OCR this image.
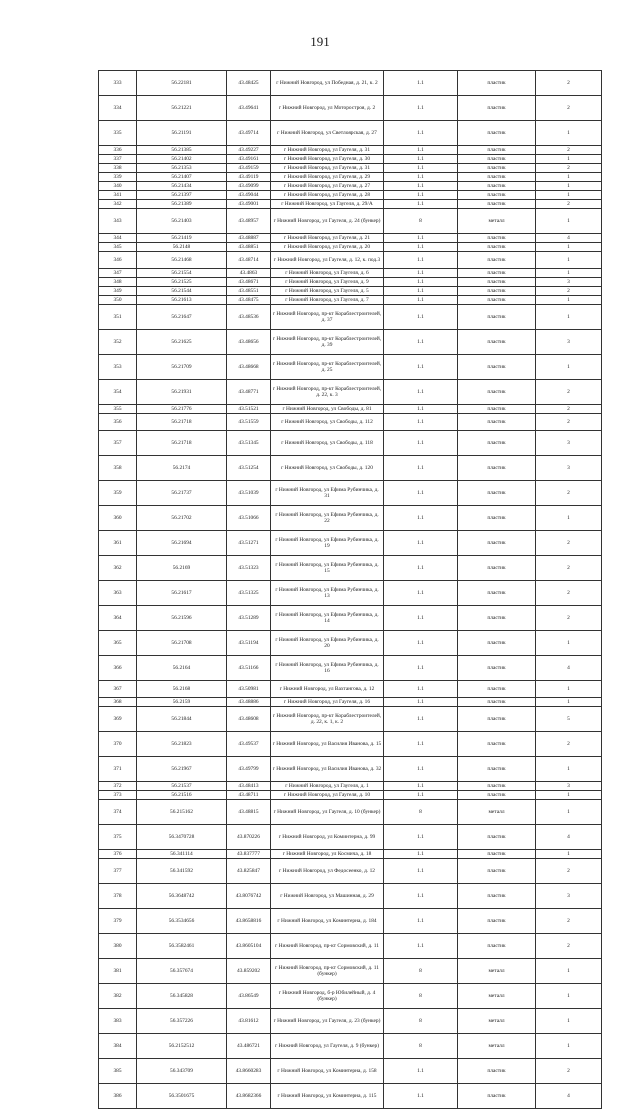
191
333	56.22181	43.48425	г Нижний Новгород, ул Победная, д. 21, к. 2	1.1	пластик	2
334	56.21221	43.49641	г Нижний Новгород, ул Моторостроя, д. 2	1.1	пластик	2
335	56.21191	43.49714	г Нижний Новгород, ул Светлоярская, д. 27	1.1	пластик	1
336	56.21385	43.49227	г Нижний Новгород, ул Гаугеля, д. 31	1.1	пластик	2
337	56.21402	43.49161	г Нижний Новгород, ул Гаугеля, д. 30	1.1	пластик	1
338	56.21353	43.49159	г Нижний Новгород, ул Гаугеля, д. 31	1.1	пластик	2
339	56.21407	43.49119	г Нижний Новгород, ул Гаугеля, д. 29	1.1	пластик	1
340	56.21434	43.49099	г Нижний Новгород, ул Гаугеля, д. 27	1.1	пластик	1
341	56.21397	43.49044	г Нижний Новгород, ул Гаугеля, д. 28	1.1	пластик	1
342	56.21389	43.49001	г Нижний Новгород, ул Гаугеля, д. 29/А	1.1	пластик	2
343	56.21403	43.48957	г Нижний Новгород, ул Гаугеля, д. 24 (бункер)	8	металл	1
344	56.21419	43.48887	г Нижний Новгород, ул Гаугеля, д. 21	1.1	пластик	4
345	56.2148	43.48851	г Нижний Новгород, ул Гаугеля, д. 20	1.1	пластик	1
346	56.21468	43.48714	г Нижний Новгород, ул Гаугеля, д. 12, к. под.3	1.1	пластик	1
347	56.21554	43.4863	г Нижний Новгород, ул Гаугеля, д. 6	1.1	пластик	1
348	56.21525	43.48671	г Нижний Новгород, ул Гаугеля, д. 9	1.1	пластик	3
349	56.21544	43.48551	г Нижний Новгород, ул Гаугеля, д. 5	1.1	пластик	2
350	56.21613	43.48475	г Нижний Новгород, ул Гаугеля, д. 7	1.1	пластик	1
351	56.21647	43.48536	г Нижний Новгород, пр-кт Кораблестроителей, д. 37	1.1	пластик	1
352	56.21625	43.48656	г Нижний Новгород, пр-кт Кораблестроителей, д. 39	1.1	пластик	3
353	56.21709	43.48668	г Нижний Новгород, пр-кт Кораблестроителей, д. 25	1.1	пластик	1
354	56.21931	43.48771	г Нижний Новгород, пр-кт Кораблестроителей, д. 22, к. 3	1.1	пластик	2
355	56.21776	43.51521	г Нижний Новгород, ул Свободы, д. 81	1.1	пластик	2
356	56.21718	43.51559	г Нижний Новгород, ул Свободы, д. 112	1.1	пластик	2
357	56.21718	43.51345	г Нижний Новгород, ул Свободы, д. 118	1.1	пластик	3
358	56.2174	43.51254	г Нижний Новгород, ул Свободы, д. 120	1.1	пластик	3
359	56.21737	43.51039	г Нижний Новгород, ул Ефима Рубинчика, д. 31	1.1	пластик	2
360	56.21702	43.51066	г Нижний Новгород, ул Ефима Рубинчика, д. 22	1.1	пластик	1
361	56.21694	43.51271	г Нижний Новгород, ул Ефима Рубинчика, д. 19	1.1	пластик	2
362	56.2169	43.51323	г Нижний Новгород, ул Ефима Рубинчика, д. 15	1.1	пластик	2
363	56.21617	43.51325	г Нижний Новгород, ул Ефима Рубинчика, д. 13	1.1	пластик	2
364	56.21596	43.51289	г Нижний Новгород, ул Ефима Рубинчика, д. 14	1.1	пластик	2
365	56.21708	43.51194	г Нижний Новгород, ул Ефима Рубинчика, д. 20	1.1	пластик	1
366	56.2164	43.51166	г Нижний Новгород, ул Ефима Рубинчика, д. 16	1.1	пластик	4
367	56.2168	43.50981	г Нижний Новгород, ул Вахтангова, д. 12	1.1	пластик	1
368	56.2159	43.48886	г Нижний Новгород, ул Гаугеля, д. 16	1.1	пластик	1
369	56.21844	43.48608	г Нижний Новгород, пр-кт Кораблестроителей, д. 22, к. 1, к. 2	1.1	пластик	5
370	56.21823	43.49537	г Нижний Новгород, ул Василия Иванова, д. 15	1.1	пластик	2
371	56.21967	43.49799	г Нижний Новгород, ул Василия Иванова, д. 32	1.1	пластик	1
372	56.21537	43.48413	г Нижний Новгород, ул Гаугеля, д. 1	1.1	пластик	3
373	56.21516	43.48711	г Нижний Новгород, ул Гаугеля, д. 10	1.1	пластик	1
374	56.215162	43.48815	г Нижний Новгород, ул Гаугеля, д. 10 (бункер)	8	металл	1
375	56.3470728	43.870226	г Нижний Новгород, ул Коминтерна, д. 99	1.1	пластик	4
376	56.341114	43.837777	г Нижний Новгород, ул Космича, д. 18	1.1	пластик	1
377	56.341592	43.825847	г Нижний Новгород, ул Федосеенко, д. 12	1.1	пластик	2
378	56.3648742	43.8076742	г Нижний Новгород, ул Машинная, д. 29	1.1	пластик	3
379	56.3534656	43.8658816	г Нижний Новгород, ул Коминтерна, д. 184	1.1	пластик	2
380	56.3582461	43.8605104	г Нижний Новгород, пр-кт Сормовский, д. 11	1.1	пластик	2
381	56.357674	43.859202	г Нижний Новгород, пр-кт Сормовский, д. 11 (бункер)	8	металл	1
382	56.345828	43.86549	г Нижний Новгород, б-р Юбилейный, д. 4 (бункер)	8	металл	1
383	56.357226	43.81612	г Нижний Новгород, ул Гаугеля, д. 23 (бункер)	8	металл	1
384	56.2152512	43.486721	г Нижний Новгород, ул Гаугеля, д. 9 (бункер)	8	металл	1
385	56.343709	43.8660283	г Нижний Новгород, ул Коминтерна, д. 158	1.1	пластик	2
386	56.3501675	43.8682366	г Нижний Новгород, ул Коминтерна, д. 115	1.1	пластик	4
